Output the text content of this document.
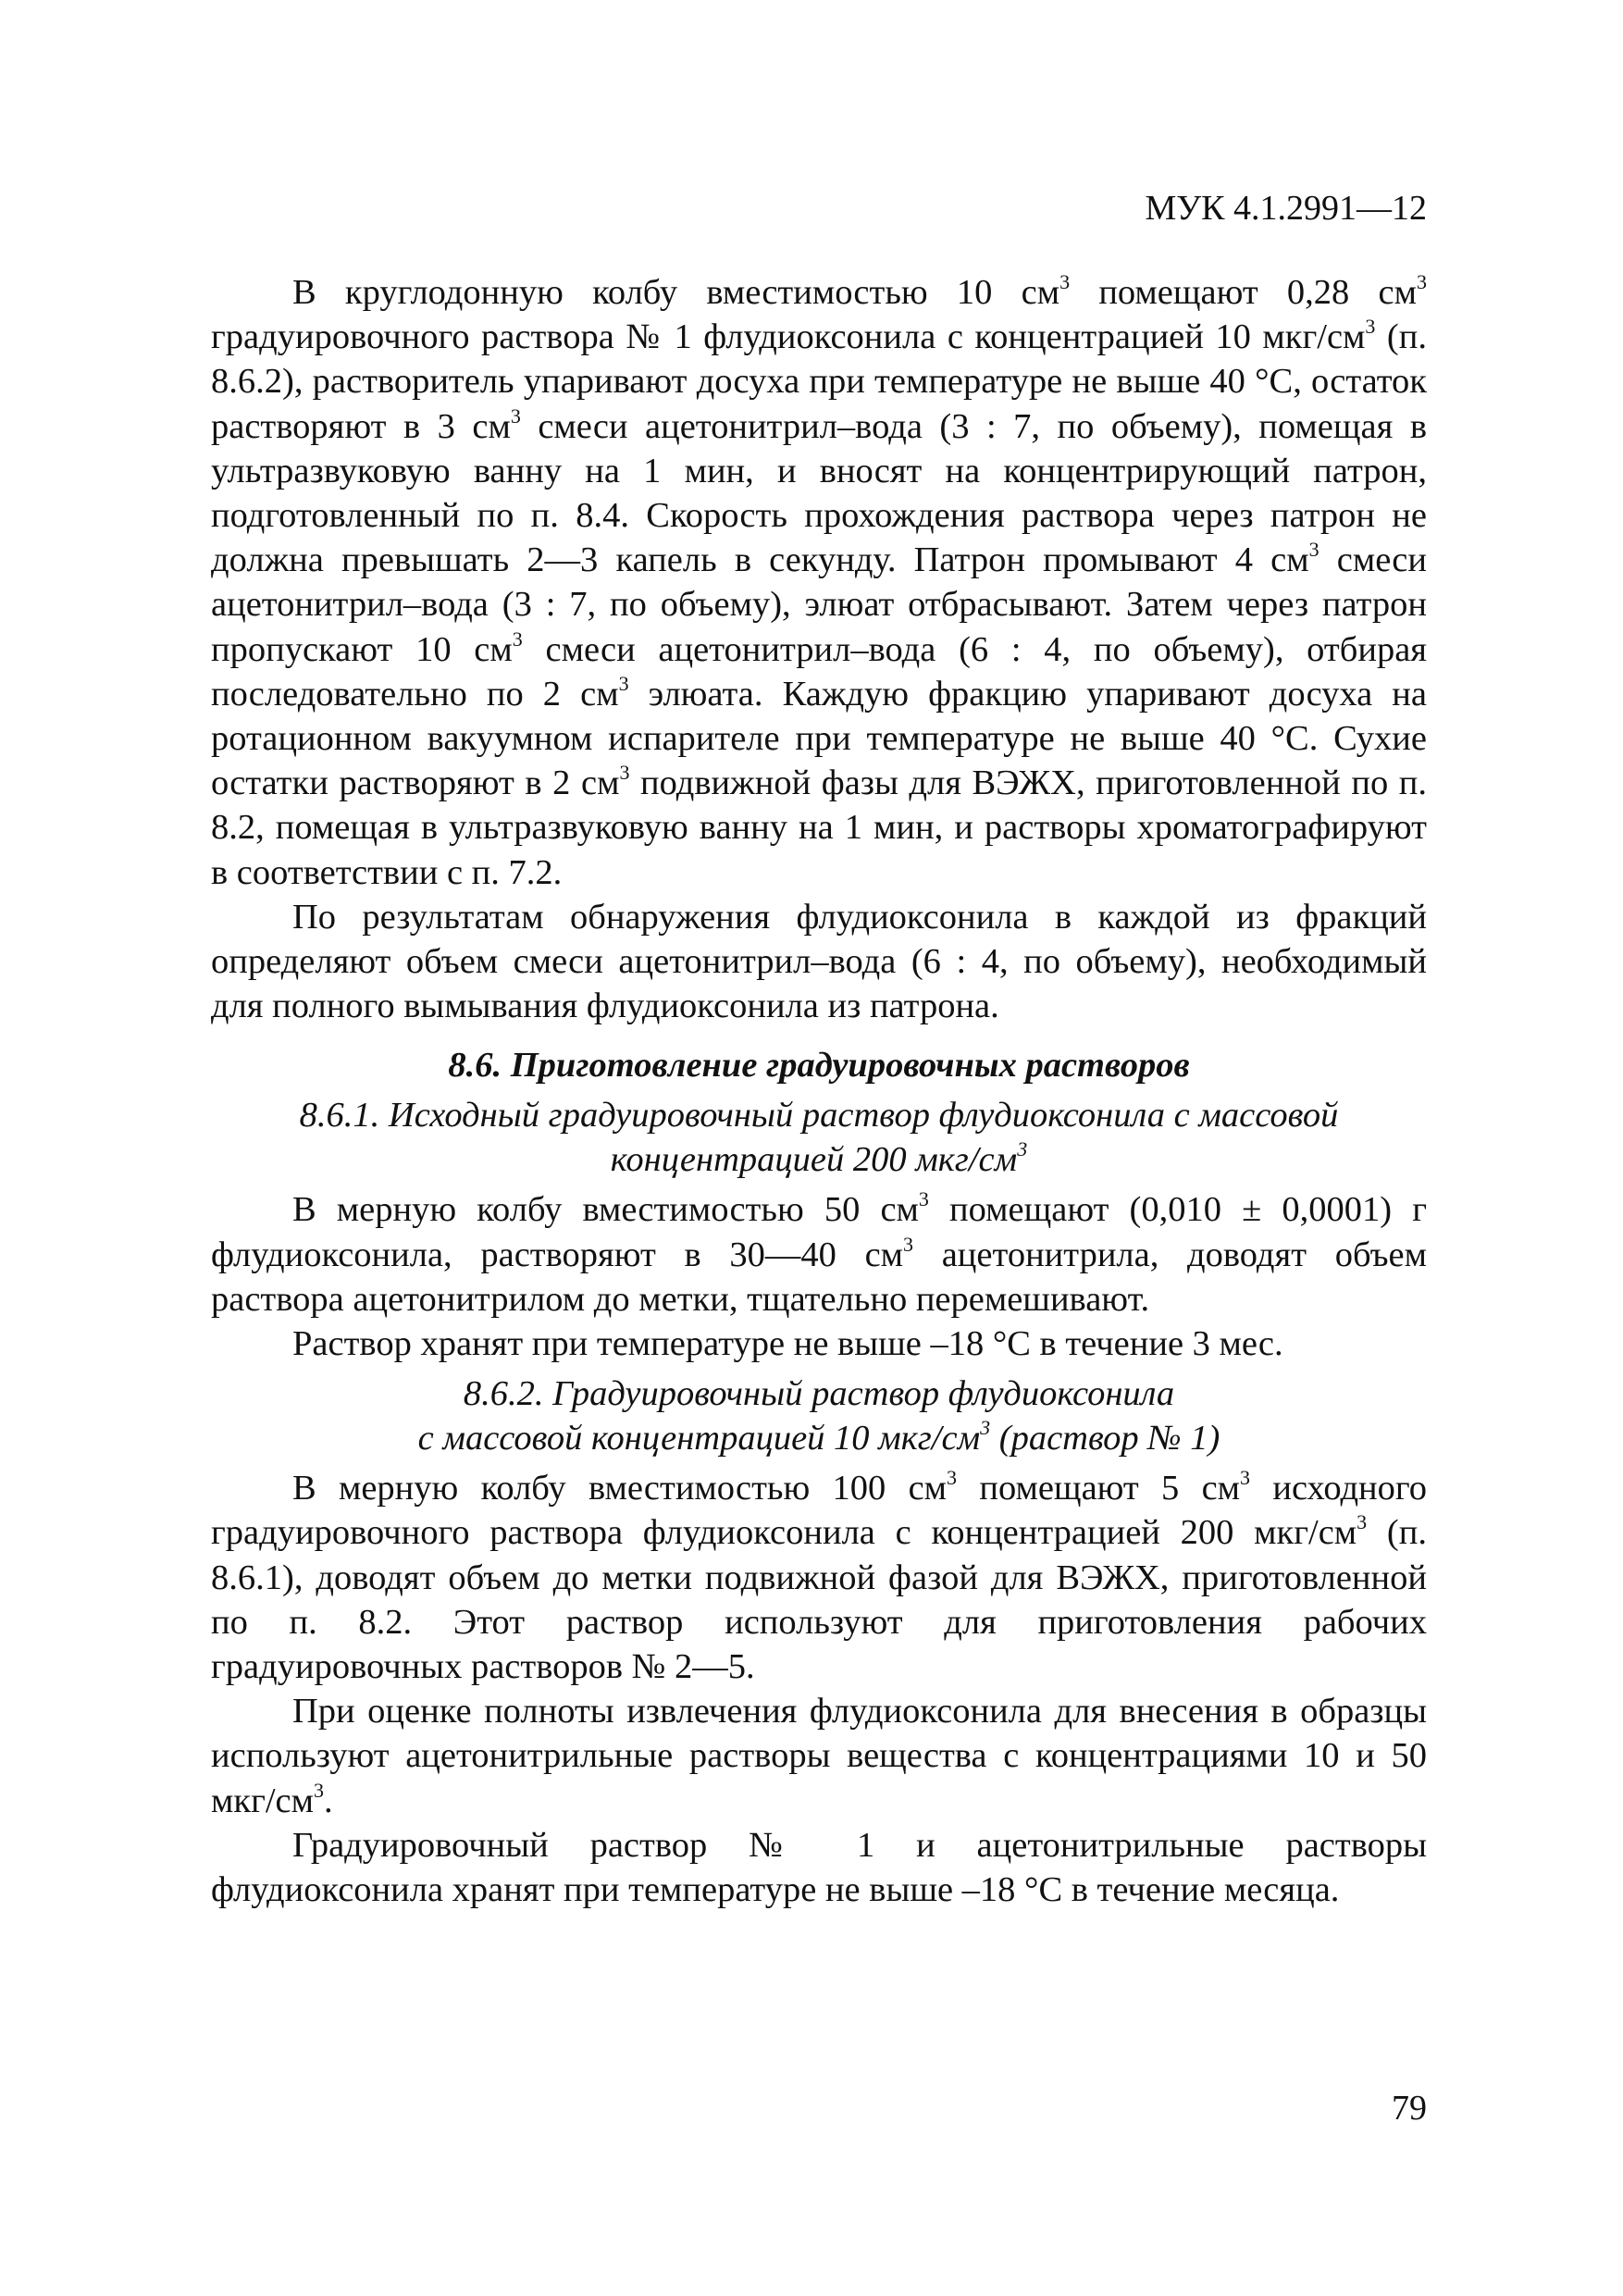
МУК 4.1.2991—12

В круглодонную колбу вместимостью 10 $см^3$ помещают 0,28 $см^3$ градуировочного раствора № 1 флудиоксонила с концентрацией 10 мкг/$см^3$ (п. 8.6.2), растворитель упаривают досуха при температуре не выше 40 °С, остаток растворяют в 3 $см^3$ смеси ацетонитрил–вода (3 : 7, по объему), помещая в ультразвуковую ванну на 1 мин, и вносят на концентрирующий патрон, подготовленный по п. 8.4. Скорость прохождения раствора через патрон не должна превышать 2—3 капель в секунду. Патрон промывают 4 $см^3$ смеси ацетонитрил–вода (3 : 7, по объему), элюат отбрасывают. Затем через патрон пропускают 10 $см^3$ смеси ацетонитрил–вода (6 : 4, по объему), отбирая последовательно по 2 $см^3$ элюата. Каждую фракцию упаривают досуха на ротационном вакуумном испарителе при температуре не выше 40 °С. Сухие остатки растворяют в 2 $см^3$ подвижной фазы для ВЭЖХ, приготовленной по п. 8.2, помещая в ультразвуковую ванну на 1 мин, и растворы хроматографируют в соответствии с п. 7.2.

По результатам обнаружения флудиоксонила в каждой из фракций определяют объем смеси ацетонитрил–вода (6 : 4, по объему), необходимый для полного вымывания флудиоксонила из патрона.

8.6. Приготовление градуировочных растворов

8.6.1. Исходный градуировочный раствор флудиоксонила с массовой концентрацией 200 мкг/$см^3$

В мерную колбу вместимостью 50 $см^3$ помещают (0,010 ± 0,0001) г флудиоксонила, растворяют в 30—40 $см^3$ ацетонитрила, доводят объем раствора ацетонитрилом до метки, тщательно перемешивают.

Раствор хранят при температуре не выше –18 °С в течение 3 мес.

8.6.2. Градуировочный раствор флудиоксонила
с массовой концентрацией 10 мкг/$см^3$ (раствор № 1)

В мерную колбу вместимостью 100 $см^3$ помещают 5 $см^3$ исходного градуировочного раствора флудиоксонила с концентрацией 200 мкг/$см^3$ (п. 8.6.1), доводят объем до метки подвижной фазой для ВЭЖХ, приготовленной по п. 8.2. Этот раствор используют для приготовления рабочих градуировочных растворов № 2—5.

При оценке полноты извлечения флудиоксонила для внесения в образцы используют ацетонитрильные растворы вещества с концентрациями 10 и 50 мкг/$см^3$.

Градуировочный раствор № 1 и ацетонитрильные растворы флудиоксонила хранят при температуре не выше –18 °С в течение месяца.

79
